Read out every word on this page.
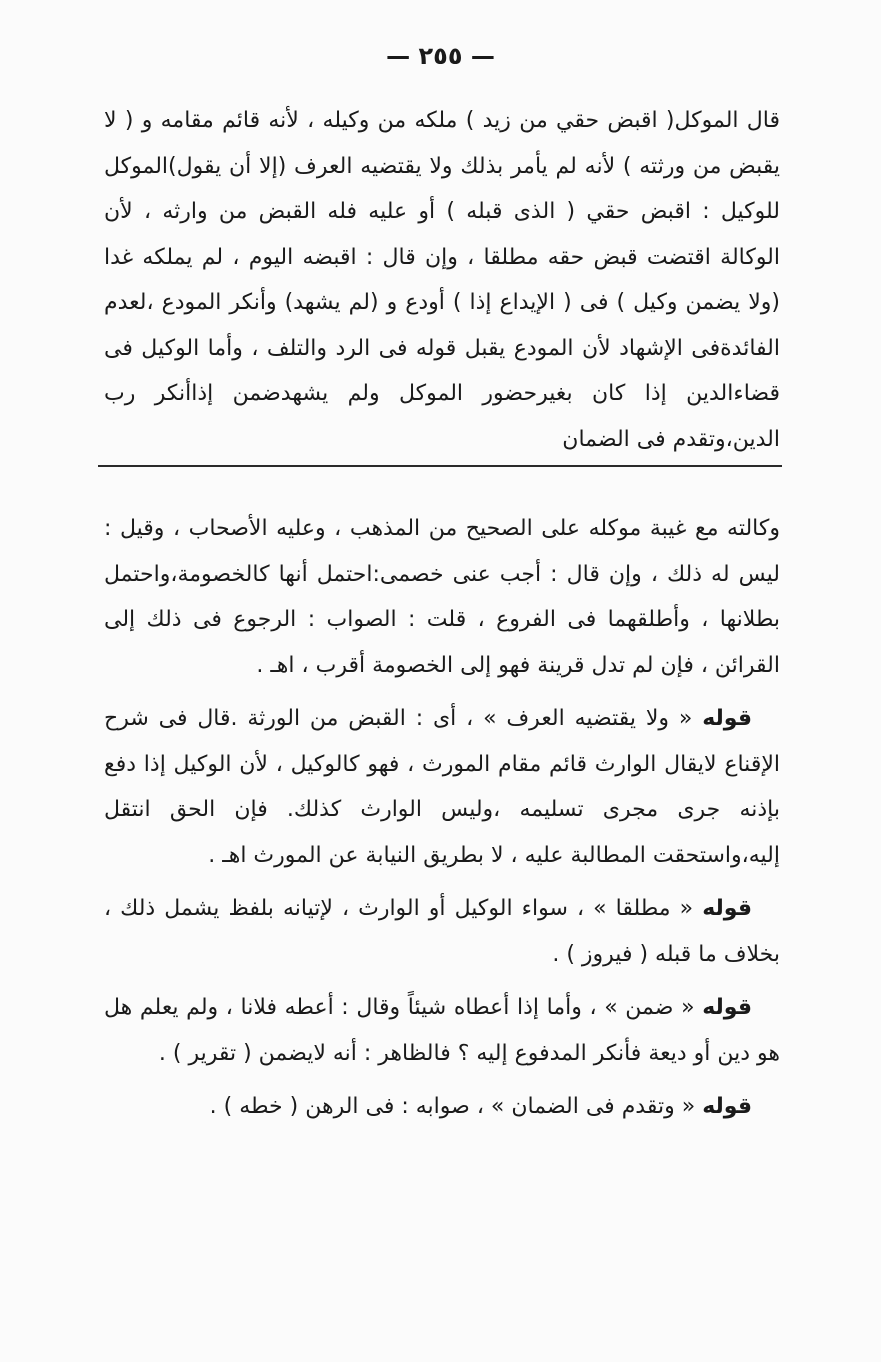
— ٢٥٥ —
قال الموكل( اقبض حقي من زيد ) ملكه من وكيله ، لأنه قائم مقامه و ( لا يقبض من ورثته ) لأنه لم يأمر بذلك ولا يقتضيه العرف (إلا أن يقول)الموكل للوكيل : اقبض حقي ( الذى قبله ) أو عليه فله القبض من وارثه ، لأن الوكالة اقتضت قبض حقه مطلقا ، وإن قال : اقبضه اليوم ، لم يملكه غدا (ولا يضمن وكيل ) فى ( الإيداع إذا ) أودع و (لم يشهد) وأنكر المودع ،لعدم الفائدةفى الإشهاد لأن المودع يقبل قوله فى الرد والتلف ، وأما الوكيل فى قضاءالدين إذا كان بغيرحضور الموكل ولم يشهدضمن إذاأنكر رب الدين،وتقدم فى الضمان

وكالته مع غيبة موكله على الصحيح من المذهب ، وعليه الأصحاب ، وقيل : ليس له ذلك ، وإن قال : أجب عنى خصمى:احتمل أنها كالخصومة،واحتمل بطلانها ، وأطلقهما فى الفروع ، قلت : الصواب : الرجوع فى ذلك إلى القرائن ، فإن لم تدل قرينة فهو إلى الخصومة أقرب ، اهـ .

قوله « ولا يقتضيه العرف » ، أى : القبض من الورثة .قال فى شرح الإقناع لايقال الوارث قائم مقام المورث ، فهو كالوكيل ، لأن الوكيل إذا دفع بإذنه جرى مجرى تسليمه ،وليس الوارث كذلك. فإن الحق انتقل إليه،واستحقت المطالبة عليه ، لا بطريق النيابة عن المورث اهـ .

قوله « مطلقا » ، سواء الوكيل أو الوارث ، لإتيانه بلفظ يشمل ذلك ، بخلاف ما قبله ( فيروز ) .

قوله « ضمن » ، وأما إذا أعطاه شيئاً وقال : أعطه فلانا ، ولم يعلم هل هو دين أو ديعة فأنكر المدفوع إليه ؟ فالظاهر : أنه لايضمن ( تقرير ) .

قوله « وتقدم فى الضمان » ، صوابه : فى الرهن ( خطه ) .
